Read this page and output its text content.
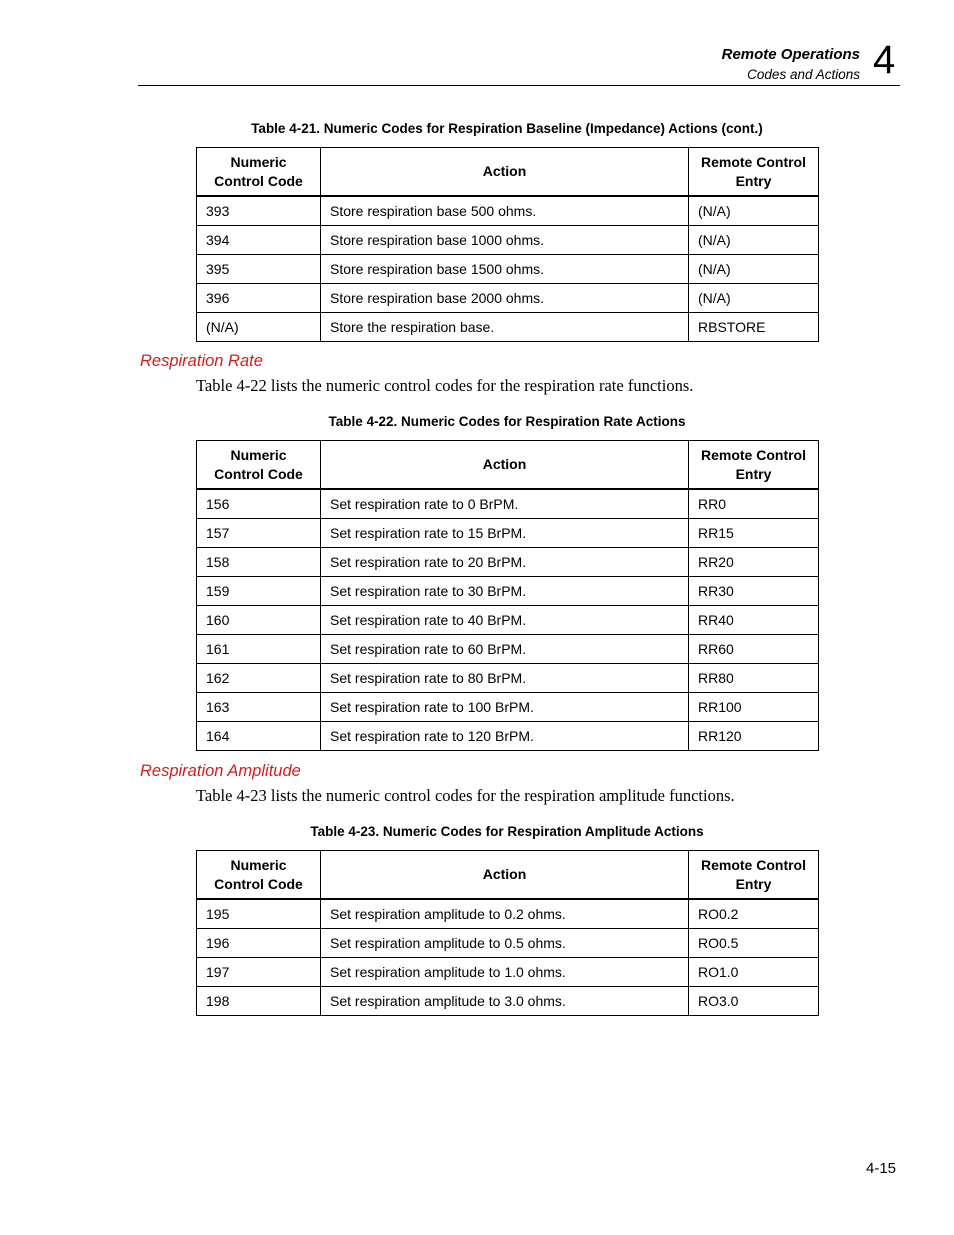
Remote Operations
Codes and Actions 4
Table 4-21. Numeric Codes for Respiration Baseline (Impedance) Actions (cont.)
Numeric
Control Code	Action	Remote Control
Entry
393	Store respiration base 500 ohms.	(N/A)
394	Store respiration base 1000 ohms.	(N/A)
395	Store respiration base 1500 ohms.	(N/A)
396	Store respiration base 2000 ohms.	(N/A)
(N/A)	Store the respiration base.	RBSTORE
Respiration Rate
Table 4-22 lists the numeric control codes for the respiration rate functions.
Table 4-22. Numeric Codes for Respiration Rate Actions
Numeric
Control Code	Action	Remote Control
Entry
156	Set respiration rate to 0 BrPM.	RR0
157	Set respiration rate to 15 BrPM.	RR15
158	Set respiration rate to 20 BrPM.	RR20
159	Set respiration rate to 30 BrPM.	RR30
160	Set respiration rate to 40 BrPM.	RR40
161	Set respiration rate to 60 BrPM.	RR60
162	Set respiration rate to 80 BrPM.	RR80
163	Set respiration rate to 100 BrPM.	RR100
164	Set respiration rate to 120 BrPM.	RR120
Respiration Amplitude
Table 4-23 lists the numeric control codes for the respiration amplitude functions.
Table 4-23. Numeric Codes for Respiration Amplitude Actions
Numeric
Control Code	Action	Remote Control
Entry
195	Set respiration amplitude to 0.2 ohms.	RO0.2
196	Set respiration amplitude to 0.5 ohms.	RO0.5
197	Set respiration amplitude to 1.0 ohms.	RO1.0
198	Set respiration amplitude to 3.0 ohms.	RO3.0
4-15
